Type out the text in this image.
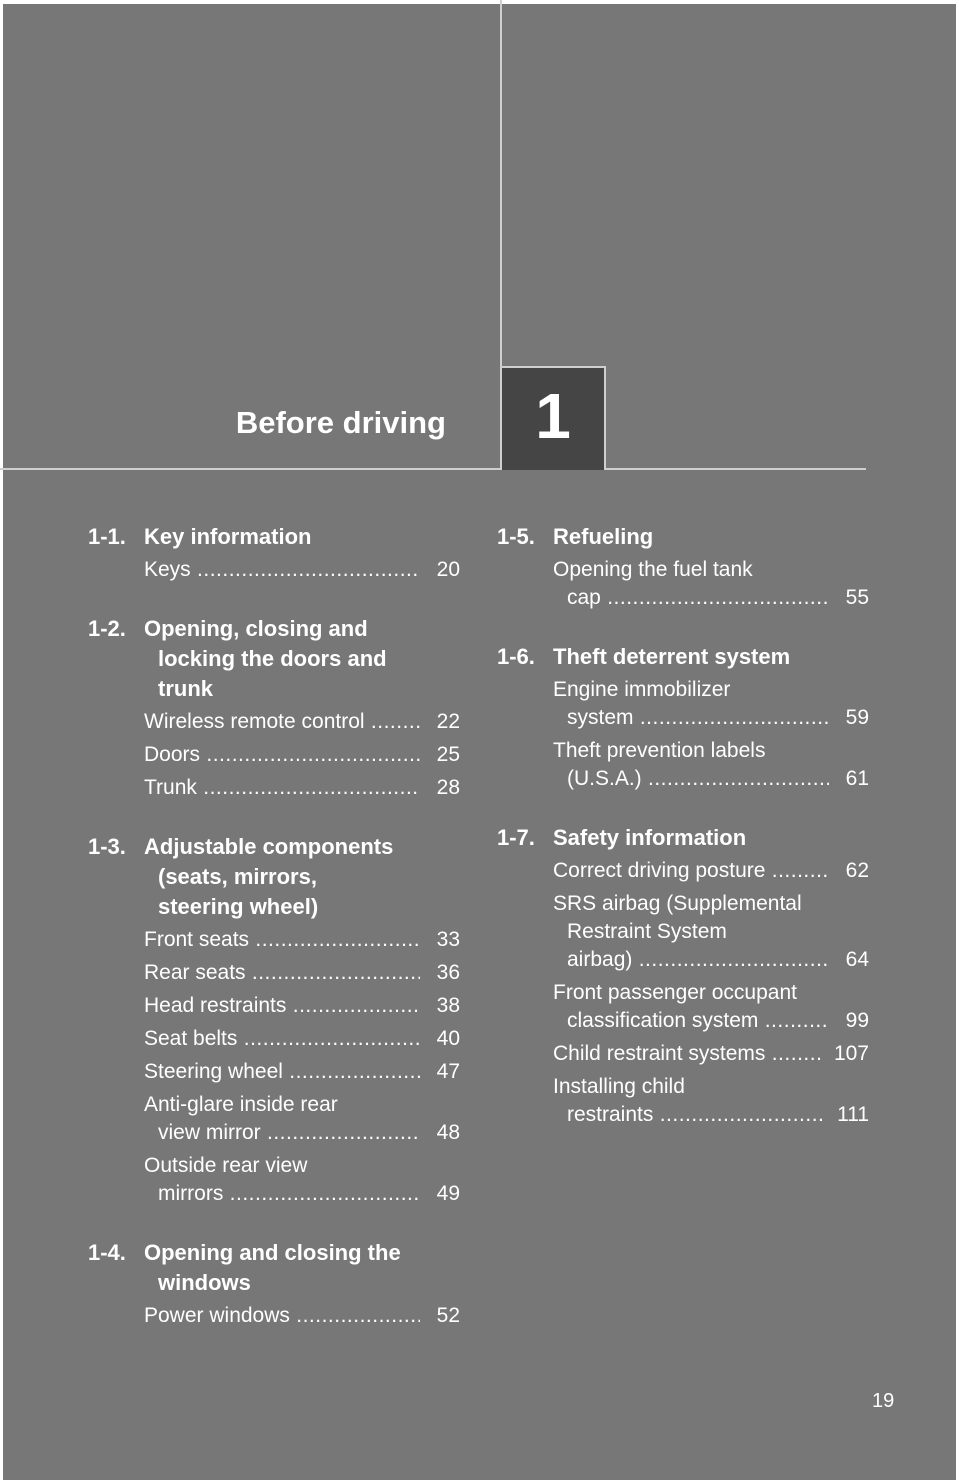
Before driving 1
1-1. Key information
Keys .....	20
1-2. Opening, closing and
locking the doors and
trunk
Wireless remote control .....	22
Doors .....	25
Trunk .....	28
1-3. Adjustable components
(seats, mirrors,
steering wheel)
Front seats .....	33
Rear seats .....	36
Head restraints .....	38
Seat belts .....	40
Steering wheel .....	47
Anti-glare inside rear
view mirror .....	48
Outside rear view
mirrors .....	49
1-4. Opening and closing the
windows
Power windows .....	52
1-5. Refueling
Opening the fuel tank
cap .....	55
1-6. Theft deterrent system
Engine immobilizer
system .....	59
Theft prevention labels
(U.S.A.) .....	61
1-7. Safety information
Correct driving posture .....	62
SRS airbag (Supplemental
Restraint System
airbag) .....	64
Front passenger occupant
classification system .....	99
Child restraint systems .....	107
Installing child
restraints .....	111
19
